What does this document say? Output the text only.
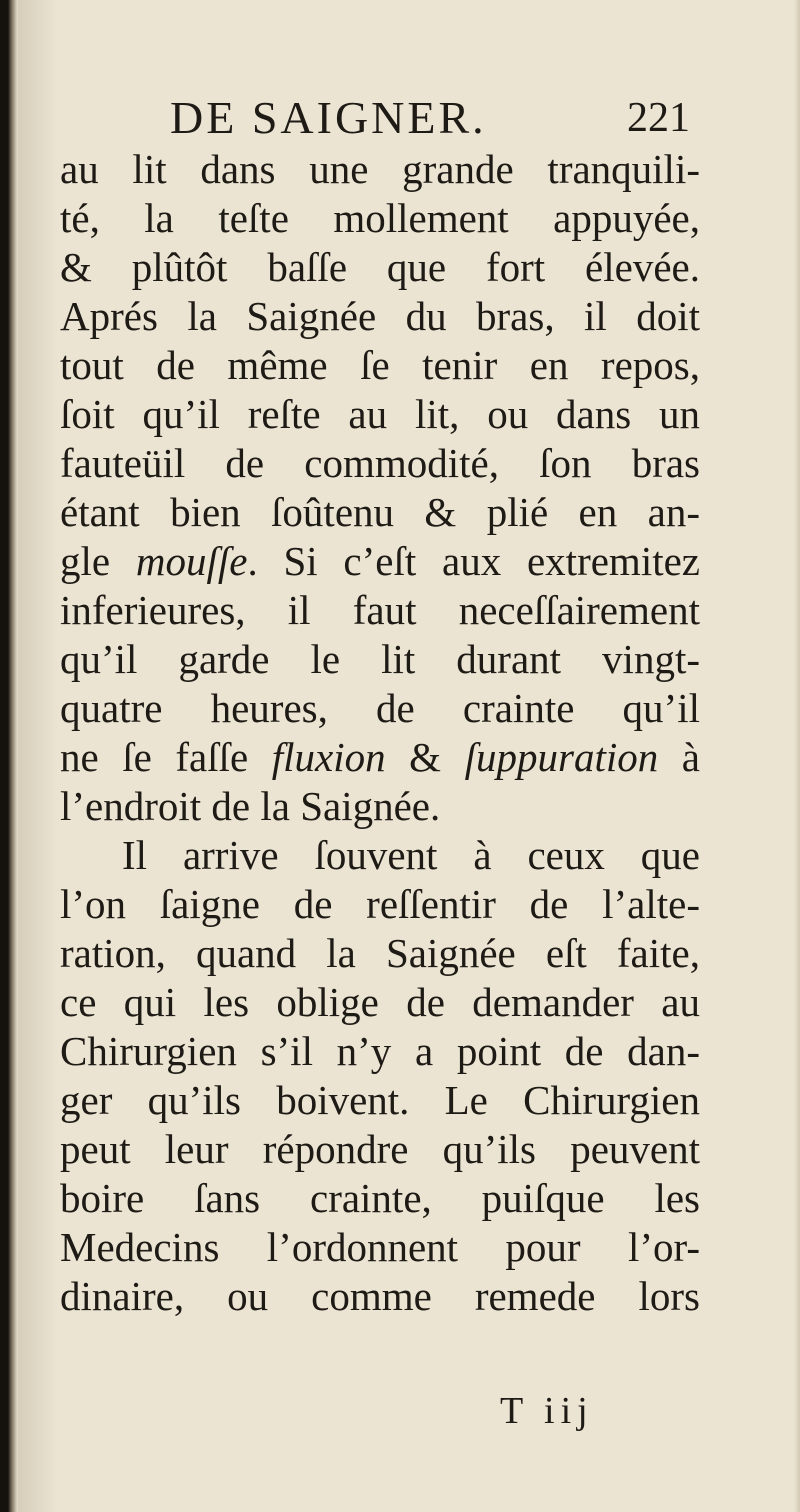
DE SAIGNER.	221
au lit dans une grande tranquili-
té, la teſte mollement appuyée,
& plûtôt baſſe que fort élevée.
Aprés la Saignée du bras, il doit
tout de même ſe tenir en repos,
ſoit qu’il reſte au lit, ou dans un
fauteüil de commodité, ſon bras
étant bien ſoûtenu & plié en an-
gle mouſſe. Si c’eſt aux extremitez
inferieures, il faut neceſſairement
qu’il garde le lit durant vingt-
quatre heures, de crainte qu’il
ne ſe faſſe fluxion & ſuppuration à
l’endroit de la Saignée.
Il arrive ſouvent à ceux que
l’on ſaigne de reſſentir de l’alte-
ration, quand la Saignée eſt faite,
ce qui les oblige de demander au
Chirurgien s’il n’y a point de dan-
ger qu’ils boivent. Le Chirurgien
peut leur répondre qu’ils peuvent
boire ſans crainte, puiſque les
Medecins l’ordonnent pour l’or-
dinaire, ou comme remede lors
T iij
